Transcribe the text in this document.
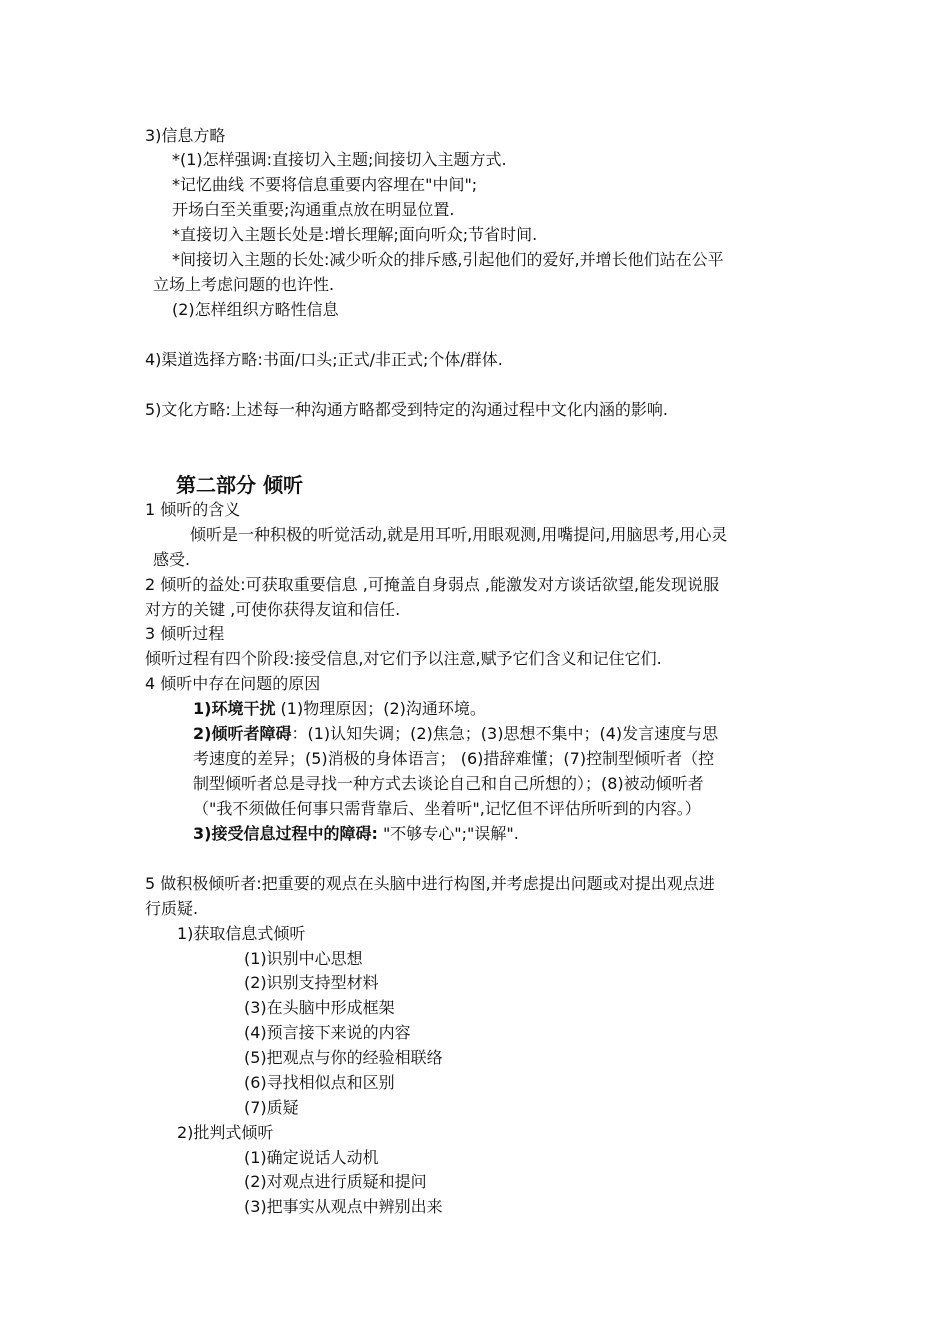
3)信息方略
*(1)怎样强调:直接切入主题;间接切入主题方式.
*记忆曲线 不要将信息重要内容埋在"中间";
开场白至关重要;沟通重点放在明显位置.
*直接切入主题长处是:增长理解;面向听众;节省时间.
*间接切入主题的长处:减少听众的排斥感,引起他们的爱好,并增长他们站在公平
立场上考虑问题的也许性.
(2)怎样组织方略性信息
4)渠道选择方略:书面/口头;正式/非正式;个体/群体.
5)文化方略:上述每一种沟通方略都受到特定的沟通过程中文化内涵的影响.
第二部分 倾听
1 倾听的含义
倾听是一种积极的听觉活动,就是用耳听,用眼观测,用嘴提问,用脑思考,用心灵
感受.
2 倾听的益处:可获取重要信息 ,可掩盖自身弱点 ,能激发对方谈话欲望,能发现说服
对方的关键 ,可使你获得友谊和信任.
3 倾听过程
倾听过程有四个阶段:接受信息,对它们予以注意,赋予它们含义和记住它们.
4 倾听中存在问题的原因
1)环境干扰 (1)物理原因；(2)沟通环境。
2)倾听者障碍：(1)认知失调；(2)焦急；(3)思想不集中；(4)发言速度与思
考速度的差异；(5)消极的身体语言； (6)措辞难懂；(7)控制型倾听者（控
制型倾听者总是寻找一种方式去谈论自己和自己所想的）；(8)被动倾听者
（"我不须做任何事只需背靠后、坐着听",记忆但不评估所听到的内容。）
3)接受信息过程中的障碍: "不够专心";"误解".
5 做积极倾听者:把重要的观点在头脑中进行构图,并考虑提出问题或对提出观点进
行质疑.
1)获取信息式倾听
(1)识别中心思想
(2)识别支持型材料
(3)在头脑中形成框架
(4)预言接下来说的内容
(5)把观点与你的经验相联络
(6)寻找相似点和区别
(7)质疑
2)批判式倾听
(1)确定说话人动机
(2)对观点进行质疑和提问
(3)把事实从观点中辨别出来
